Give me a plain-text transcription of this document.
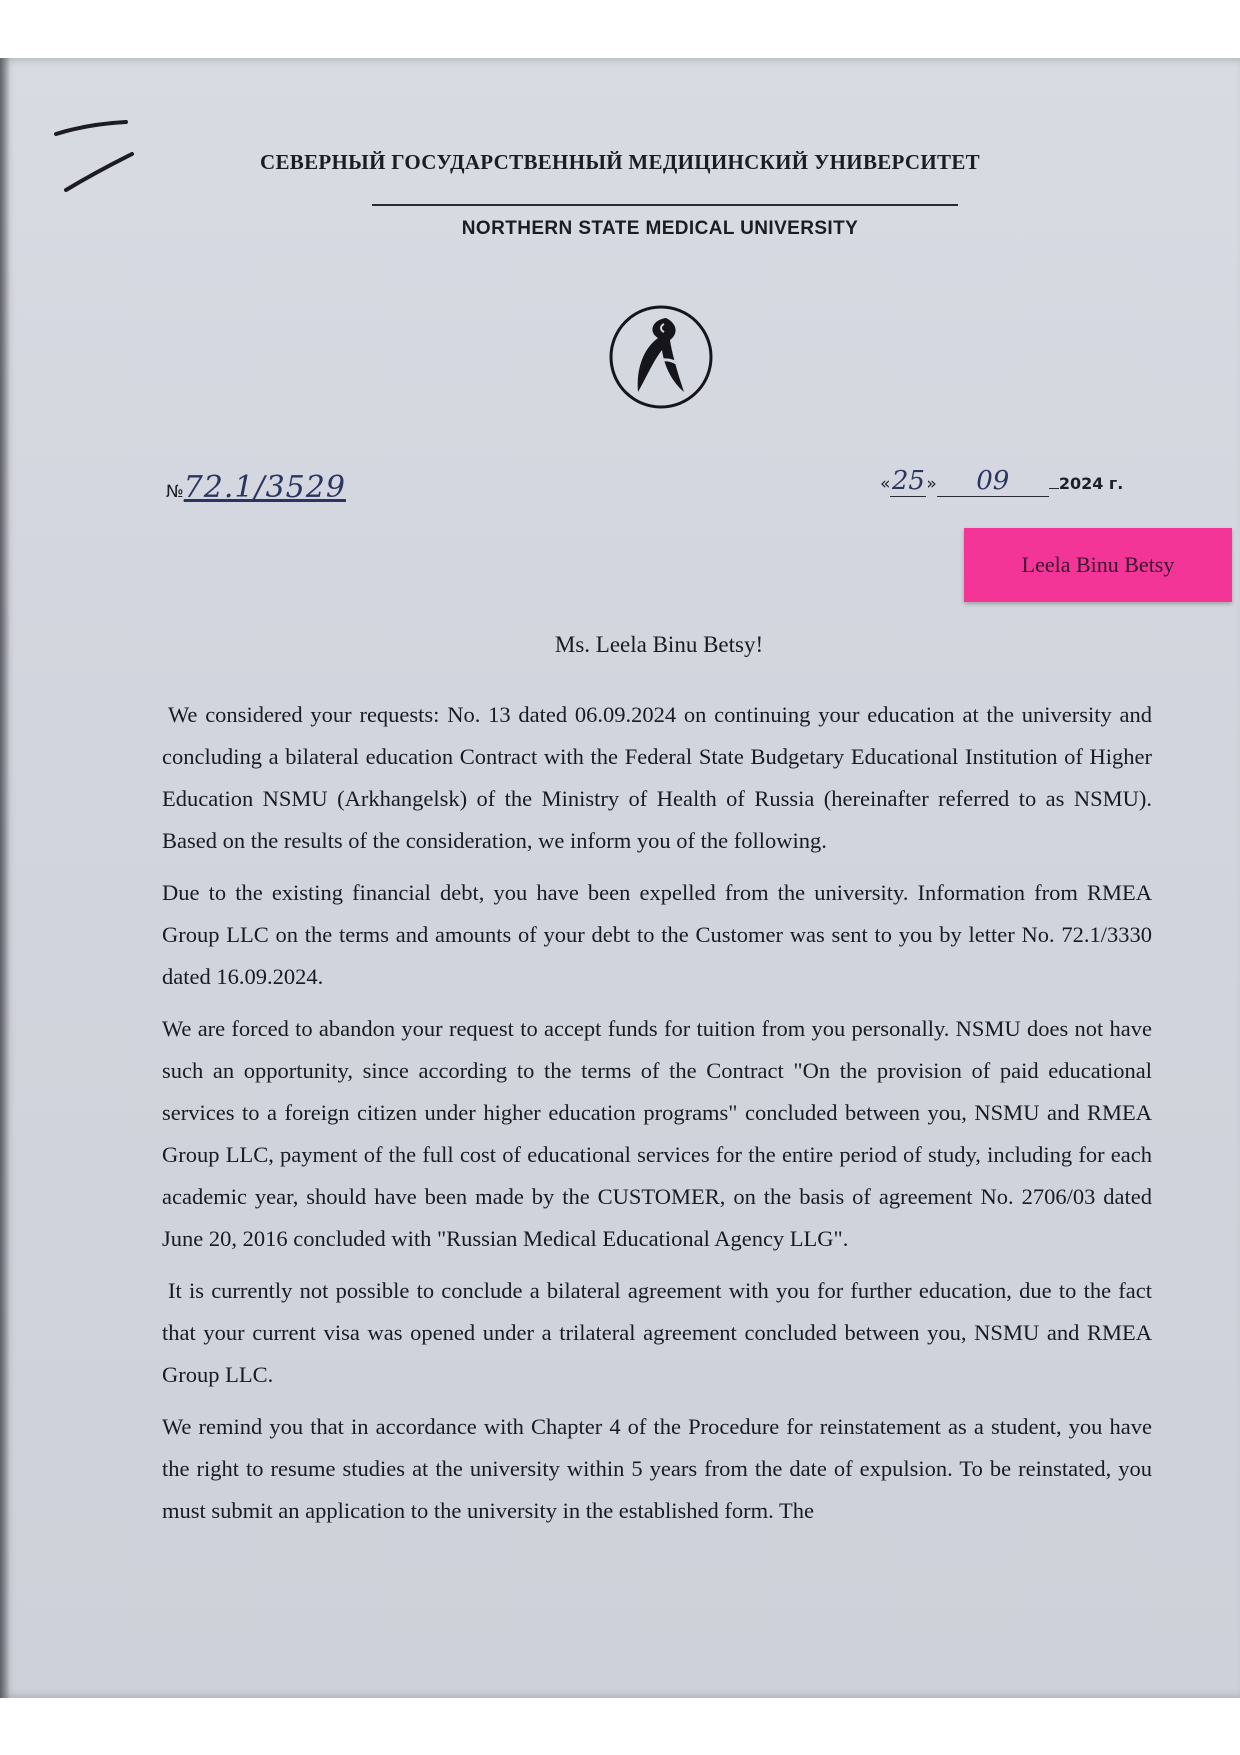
СЕВЕРНЫЙ ГОСУДАРСТВЕННЫЙ МЕДИЦИНСКИЙ УНИВЕРСИТЕТ
NORTHERN STATE MEDICAL UNIVERSITY
№72.1/3529	«25» 09	2024 г.
Leela Binu Betsy
Ms. Leela Binu Betsy!

We considered your requests: No. 13 dated 06.09.2024 on continuing your education at the university and concluding a bilateral education Contract with the Federal State Budgetary Educational Institution of Higher Education NSMU (Arkhangelsk) of the Ministry of Health of Russia (hereinafter referred to as NSMU). Based on the results of the consideration, we inform you of the following.

Due to the existing financial debt, you have been expelled from the university. Information from RMEA Group LLC on the terms and amounts of your debt to the Customer was sent to you by letter No. 72.1/3330 dated 16.09.2024.

We are forced to abandon your request to accept funds for tuition from you personally. NSMU does not have such an opportunity, since according to the terms of the Contract "On the provision of paid educational services to a foreign citizen under higher education programs" concluded between you, NSMU and RMEA Group LLC, payment of the full cost of educational services for the entire period of study, including for each academic year, should have been made by the CUSTOMER, on the basis of agreement No. 2706/03 dated June 20, 2016 concluded with "Russian Medical Educational Agency LLG".

It is currently not possible to conclude a bilateral agreement with you for further education, due to the fact that your current visa was opened under a trilateral agreement concluded between you, NSMU and RMEA Group LLC.

We remind you that in accordance with Chapter 4 of the Procedure for reinstatement as a student, you have the right to resume studies at the university within 5 years from the date of expulsion. To be reinstated, you must submit an application to the university in the established form. The
